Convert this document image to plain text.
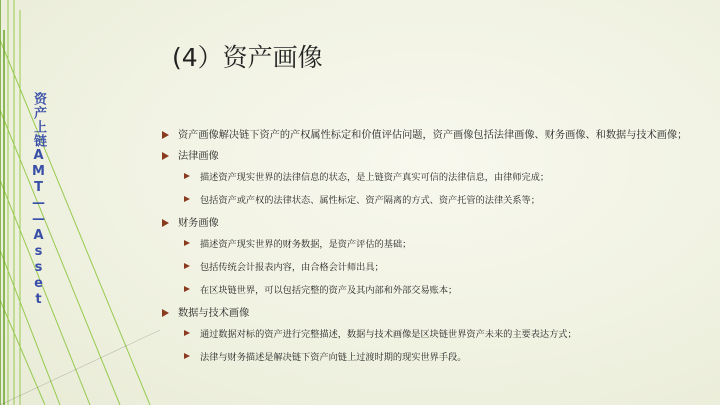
资产上链AMT——Asset
(4）资产画像
资产画像解决链下资产的产权属性标定和价值评估问题，资产画像包括法律画像、财务画像、和数据与技术画像；
法律画像
描述资产现实世界的法律信息的状态，是上链资产真实可信的法律信息，由律师完成；
包括资产或产权的法律状态、属性标定、资产隔离的方式、资产托管的法律关系等；
财务画像
描述资产现实世界的财务数据，是资产评估的基础；
包括传统会计报表内容，由合格会计师出具；
在区块链世界，可以包括完整的资产及其内部和外部交易账本；
数据与技术画像
通过数据对标的资产进行完整描述，数据与技术画像是区块链世界资产未来的主要表达方式；
法律与财务描述是解决链下资产向链上过渡时期的现实世界手段。
